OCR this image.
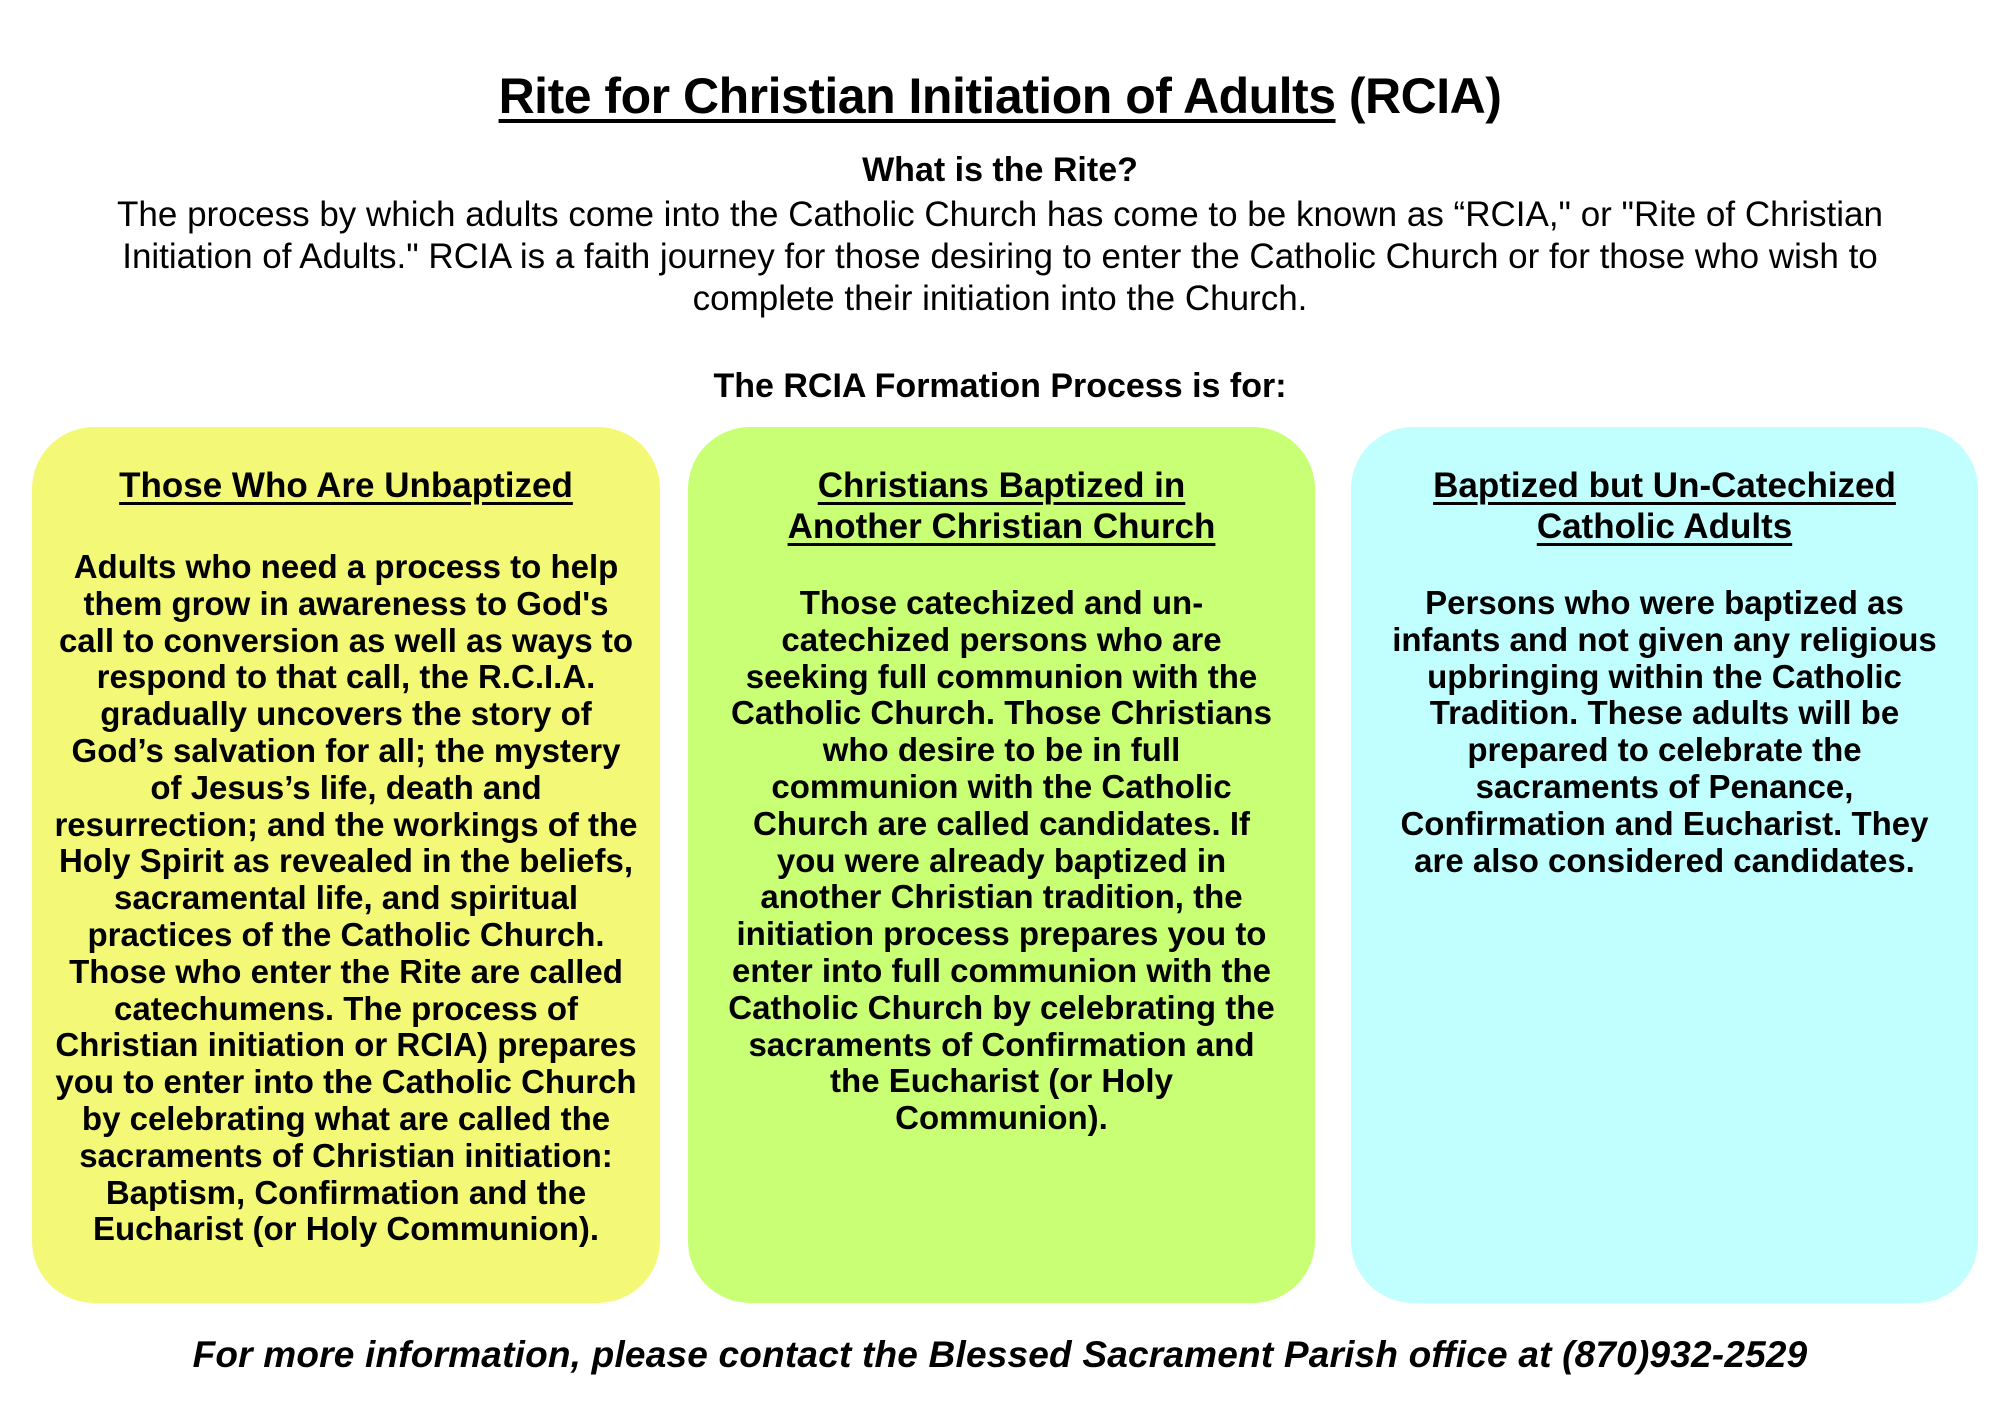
Rite for Christian Initiation of Adults (RCIA)
What is the Rite?

The process by which adults come into the Catholic Church has come to be known as “RCIA," or "Rite of Christian Initiation of Adults." RCIA is a faith journey for those desiring to enter the Catholic Church or for those who wish to complete their initiation into the Church.

The RCIA Formation Process is for:
Those Who Are Unbaptized
Adults who need a process to help them grow in awareness to God's call to conversion as well as ways to respond to that call, the R.C.I.A. gradually uncovers the story of God’s salvation for all; the mystery of Jesus’s life, death and resurrection; and the workings of the Holy Spirit as revealed in the beliefs, sacramental life, and spiritual practices of the Catholic Church. Those who enter the Rite are called catechumens. The process of Christian initiation or RCIA) prepares you to enter into the Catholic Church by celebrating what are called the sacraments of Christian initiation: Baptism, Confirmation and the Eucharist (or Holy Communion).
Christians Baptized in Another Christian Church
Those catechized and un-catechized persons who are seeking full communion with the Catholic Church. Those Christians who desire to be in full communion with the Catholic Church are called candidates. If you were already baptized in another Christian tradition, the initiation process prepares you to enter into full communion with the Catholic Church by celebrating the sacraments of Confirmation and the Eucharist (or Holy Communion).
Baptized but Un-Catechized Catholic Adults
Persons who were baptized as infants and not given any religious upbringing within the Catholic Tradition. These adults will be prepared to celebrate the sacraments of Penance, Confirmation and Eucharist. They are also considered candidates.
For more information, please contact the Blessed Sacrament Parish office at (870)932-2529
